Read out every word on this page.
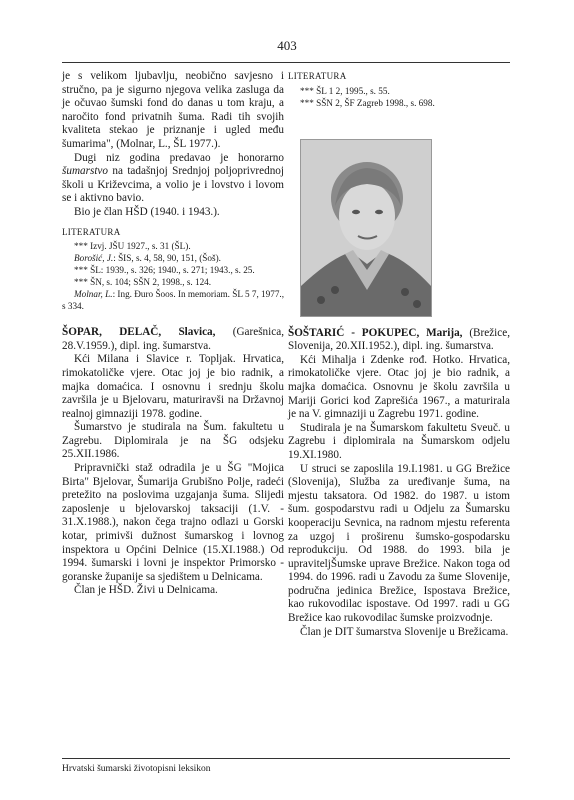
403

je s velikom ljubavlju, neobično savjesno i stručno, pa je sigurno njegova velika zasluga da je očuvao šumski fond do danas u tom kraju, a naročito fond privatnih šuma. Radi tih svojih kvaliteta stekao je priznanje i ugled među šumarima", (Molnar, L., ŠL 1977.).

Dugi niz godina predavao je honorarno šumarstvo na tadašnjoj Srednjoj poljoprivrednoj školi u Križevcima, a volio je i lovstvo i lovom se i aktivno bavio.

Bio je član HŠD (1940. i 1943.).

LITERATURA

*** Izvj. JŠU 1927., s. 31 (ŠL).

Borošić, J.: ŠIS, s. 4, 58, 90, 151, (Šoš).

*** ŠL: 1939., s. 326; 1940., s. 271; 1943., s. 25.

*** ŠN, s. 104; SŠN 2, 1998., s. 124.

Molnar, L.: Ing. Đuro Šoos. In memoriam. ŠL 5 7, 1977., s 334.

ŠOPAR, DELAČ, Slavica, (Garešnica, 28.V.1959.), dipl. ing. šumarstva.

Kći Milana i Slavice r. Topljak. Hrvatica, rimokatoličke vjere. Otac joj je bio radnik, a majka domaćica. I osnovnu i srednju školu završila je u Bjelovaru, maturiravši na Državnoj realnoj gimnaziji 1978. godine.

Šumarstvo je studirala na Šum. fakultetu u Zagrebu. Diplomirala je na ŠG odsjeku 25.XII.1986.

Pripravnički staž odradila je u ŠG "Mojica Birta" Bjelovar, Šumarija Grubišno Polje, radeći pretežito na poslovima uzgajanja šuma. Slijedi zaposlenje u bjelovarskoj taksaciji (1.V. - 31.X.1988.), nakon čega trajno odlazi u Gorski kotar, primivši dužnost šumarskog i lovnog inspektora u Općini Delnice (15.XI.1988.) Od 1994. šumarski i lovni je inspektor Primorsko - goranske županije sa sjedištem u Delnicama.

Član je HŠD. Živi u Delnicama.

LITERATURA

*** ŠL 1 2, 1995., s. 55.

*** SŠN 2, ŠF Zagreb 1998., s. 698.

ŠOŠTARIĆ - POKUPEC, Marija, (Brežice, Slovenija, 20.XII.1952.), dipl. ing. šumarstva.

Kći Mihalja i Zdenke rođ. Hotko. Hrvatica, rimokatoličke vjere. Otac joj je bio radnik, a majka domaćica. Osnovnu je školu završila u Mariji Gorici kod Zaprešića 1967., a maturirala je na V. gimnaziji u Zagrebu 1971. godine.

Studirala je na Šumarskom fakultetu Sveuč. u Zagrebu i diplomirala na Šumarskom odjelu 19.XI.1980.

U struci se zaposlila 19.I.1981. u GG Brežice (Slovenija), Služba za uređivanje šuma, na mjestu taksatora. Od 1982. do 1987. u istom šum. gospodarstvu radi u Odjelu za Šumarsku kooperaciju Sevnica, na radnom mjestu referenta za uzgoj i proširenu šumsko-gospodarsku reprodukciju. Od 1988. do 1993. bila je upraviteljŠumske uprave Brežice. Nakon toga od 1994. do 1996. radi u Zavodu za šume Slovenije, područna jedinica Brežice, Ispostava Brežice, kao rukovodilac ispostave. Od 1997. radi u GG Brežice kao rukovodilac šumske proizvodnje.

Član je DIT šumarstva Slovenije u Brežicama.

Hrvatski šumarski životopisni leksikon
